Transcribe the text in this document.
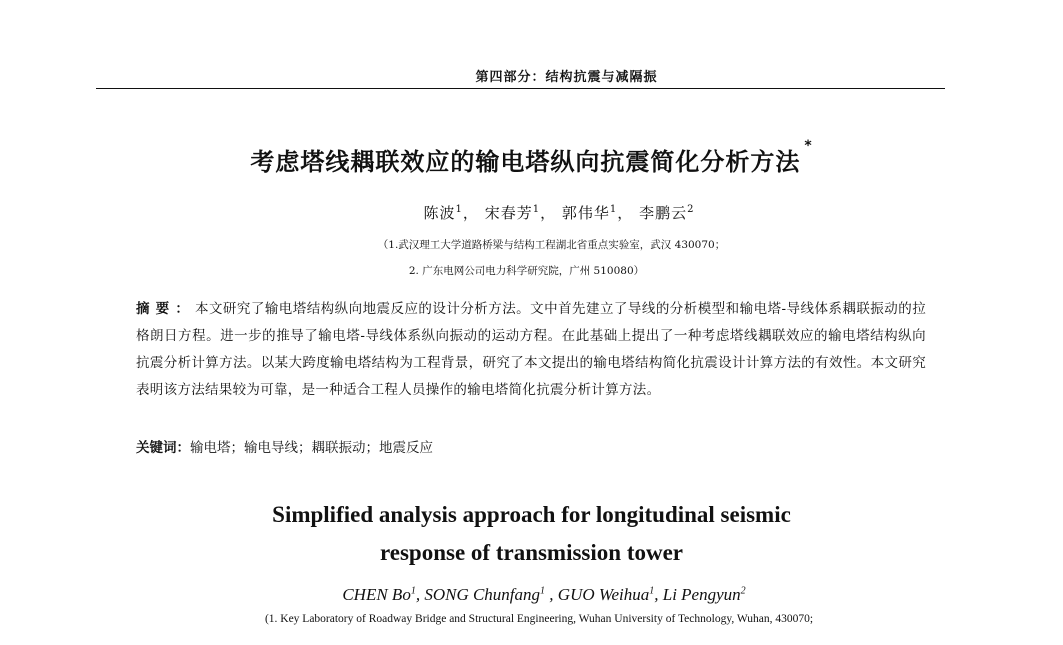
第四部分：结构抗震与减隔振
考虑塔线耦联效应的输电塔纵向抗震简化分析方法*
陈波$^1$， 宋春芳$^1$， 郭伟华$^1$， 李鹏云$^2$
（1.武汉理工大学道路桥梁与结构工程湖北省重点实验室，武汉 430070；
2. 广东电网公司电力科学研究院，广州 510080）
摘要：本文研究了输电塔结构纵向地震反应的设计分析方法。文中首先建立了导线的分析模型和输电塔-导线体系耦联振动的拉格朗日方程。进一步的推导了输电塔-导线体系纵向振动的运动方程。在此基础上提出了一种考虑塔线耦联效应的输电塔结构纵向抗震分析计算方法。以某大跨度输电塔结构为工程背景，研究了本文提出的输电塔结构简化抗震设计计算方法的有效性。本文研究表明该方法结果较为可靠，是一种适合工程人员操作的输电塔简化抗震分析计算方法。
关键词：输电塔；输电导线；耦联振动；地震反应
Simplified analysis approach for longitudinal seismic
response of transmission tower
CHEN Bo$^1$, SONG Chunfang$^1$ , GUO Weihua$^1$, Li Pengyun$^2$
(1. Key Laboratory of Roadway Bridge and Structural Engineering, Wuhan University of Technology, Wuhan, 430070;
